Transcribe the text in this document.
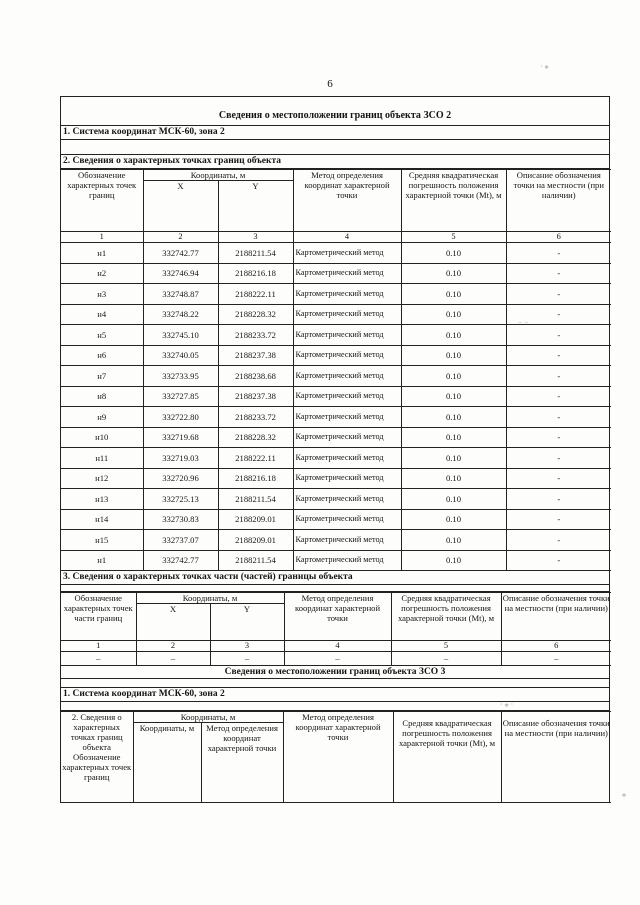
6
Сведения о местоположении границ объекта ЗСО 2
1. Система координат МСК-60, зона 2
2. Сведения о характерных точках границ объекта
Обозначение характерных точек границ	Координаты, м		Метод определения координат характерной точки	Средняя квадратическая погрешность положения характерной точки (Mt), м	Описание обозначения точки на местности (при наличии)
	X	Y			
1	2	3	4	5	6
н1	332742.77	2188211.54	Картометрический метод	0.10	-
н2	332746.94	2188216.18	Картометрический метод	0.10	-
н3	332748.87	2188222.11	Картометрический метод	0.10	-
н4	332748.22	2188228.32	Картометрический метод	0.10	-
н5	332745.10	2188233.72	Картометрический метод	0.10	-
н6	332740.05	2188237.38	Картометрический метод	0.10	-
н7	332733.95	2188238.68	Картометрический метод	0.10	-
н8	332727.85	2188237.38	Картометрический метод	0.10	-
н9	332722.80	2188233.72	Картометрический метод	0.10	-
н10	332719.68	2188228.32	Картометрический метод	0.10	-
н11	332719.03	2188222.11	Картометрический метод	0.10	-
н12	332720.96	2188216.18	Картометрический метод	0.10	-
н13	332725.13	2188211.54	Картометрический метод	0.10	-
н14	332730.83	2188209.01	Картометрический метод	0.10	-
н15	332737.07	2188209.01	Картометрический метод	0.10	-
н1	332742.77	2188211.54	Картометрический метод	0.10	-
3. Сведения о характерных точках части (частей) границы объекта
Обозначение характерных точек части границ	Координаты, м		Метод определения координат характерной точки	Средняя квадратическая погрешность положения характерной точки (Mt), м	Описание обозначения точки на местности (при наличии)
	X	Y			
1	2	3	4	5	6
–	–	–	–	–	–
Сведения о местоположении границ объекта ЗСО 3
1. Система координат МСК-60, зона 2
2. Сведения о характерных точках границ объекта Обозначение характерных точек границ	Координаты, м		Метод определения координат характерной точки	Средняя квадратическая погрешность положения характерной точки (Mt), м	Описание обозначения точки на местности (при наличии)
	Координаты, м	Метод определения координат характерной точки			
· ⁎
⁻ ⁻
· ⁎ ·
⁎
